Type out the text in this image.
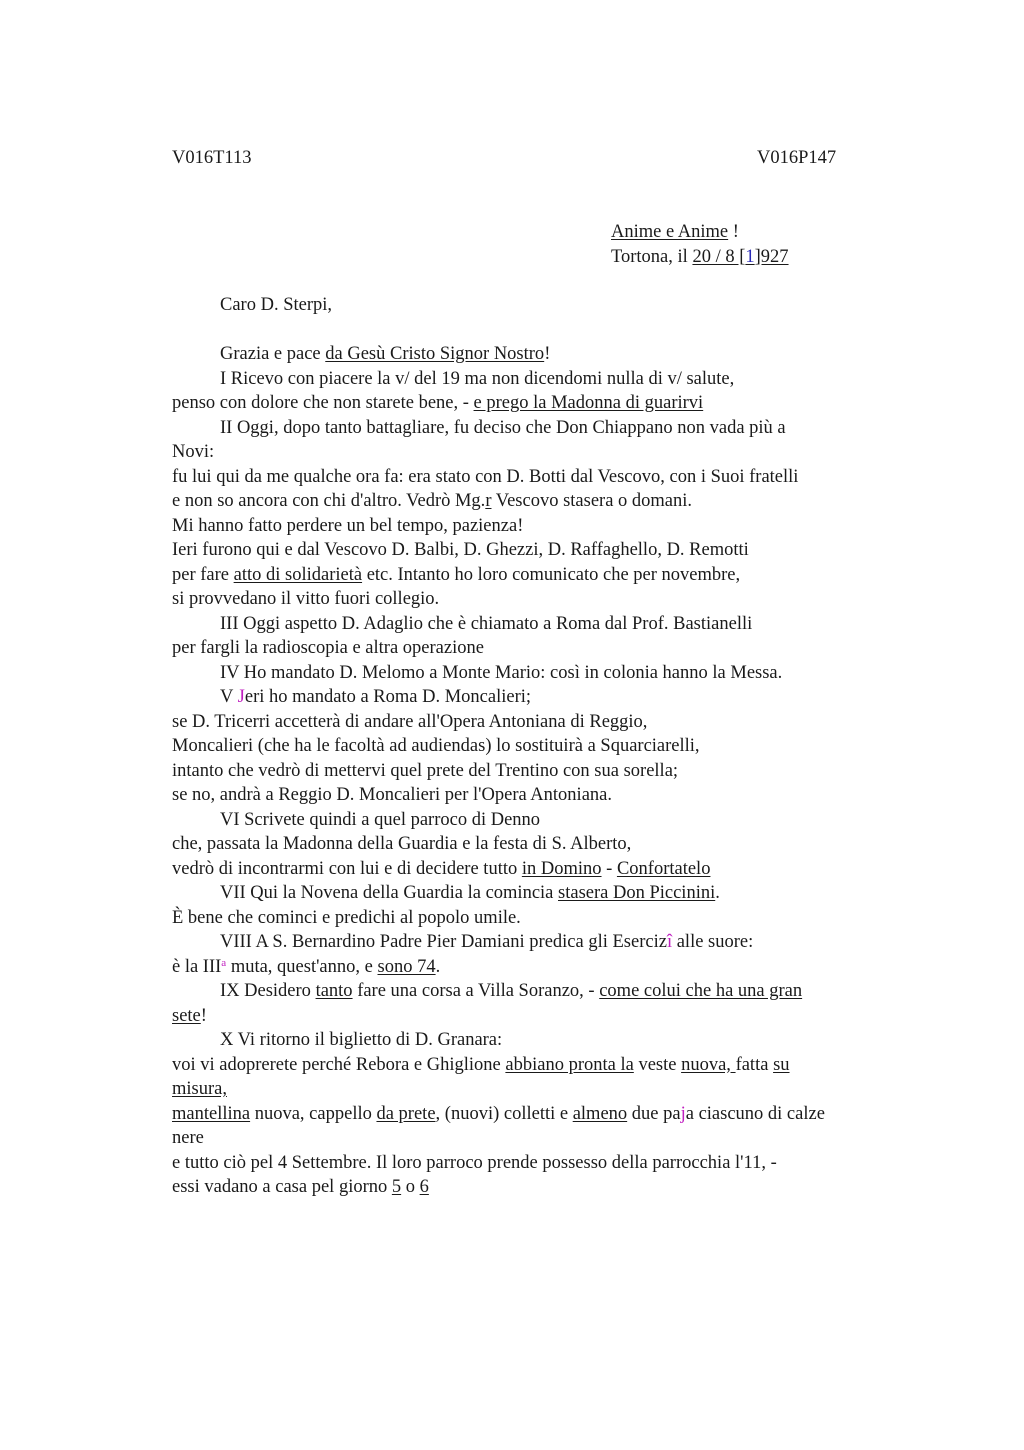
V016T113	V016P147
Anime e Anime !
Tortona, il 20 / 8 [1]927
Caro D. Sterpi,
Grazia e pace da Gesù Cristo Signor Nostro!
I Ricevo con piacere la v/ del 19 ma non dicendomi nulla di v/ salute,
penso con dolore che non starete bene, - e prego la Madonna di guarirvi
II Oggi, dopo tanto battagliare, fu deciso che Don Chiappano non vada più a
Novi:
fu lui qui da me qualche ora fa: era stato con D. Botti dal Vescovo, con i Suoi fratelli
e non so ancora con chi d'altro. Vedrò Mg.r Vescovo stasera o domani.
Mi hanno fatto perdere un bel tempo, pazienza!
Ieri furono qui e dal Vescovo D. Balbi, D. Ghezzi, D. Raffaghello, D. Remotti
per fare atto di solidarietà etc. Intanto ho loro comunicato che per novembre,
si provvedano il vitto fuori collegio.
III Oggi aspetto D. Adaglio che è chiamato a Roma dal Prof. Bastianelli
per fargli la radioscopia e altra operazione
IV Ho mandato D. Melomo a Monte Mario: così in colonia hanno la Messa.
V Jeri ho mandato a Roma D. Moncalieri;
se D. Tricerri accetterà di andare all'Opera Antoniana di Reggio,
Moncalieri (che ha le facoltà ad audiendas) lo sostituirà a Squarciarelli,
intanto che vedrò di mettervi quel prete del Trentino con sua sorella;
se no, andrà a Reggio D. Moncalieri per l'Opera Antoniana.
VI Scrivete quindi a quel parroco di Denno
che, passata la Madonna della Guardia e la festa di S. Alberto,
vedrò di incontrarmi con lui e di decidere tutto in Domino - Confortatelo
VII Qui la Novena della Guardia la comincia stasera Don Piccinini.
È bene che cominci e predichi al popolo umile.
VIII A S. Bernardino Padre Pier Damiani predica gli Esercizî alle suore:
è la III$^a$ muta, quest'anno, e sono 74.
IX Desidero tanto fare una corsa a Villa Soranzo, - come colui che ha una gran
sete!
X Vi ritorno il biglietto di D. Granara:
voi vi adoprerete perché Rebora e Ghiglione abbiano pronta la veste nuova, fatta su
misura,
mantellina nuova, cappello da prete, (nuovi) colletti e almeno due paja ciascuno di calze
nere
e tutto ciò pel 4 Settembre. Il loro parroco prende possesso della parrocchia l'11, -
essi vadano a casa pel giorno 5 o 6
